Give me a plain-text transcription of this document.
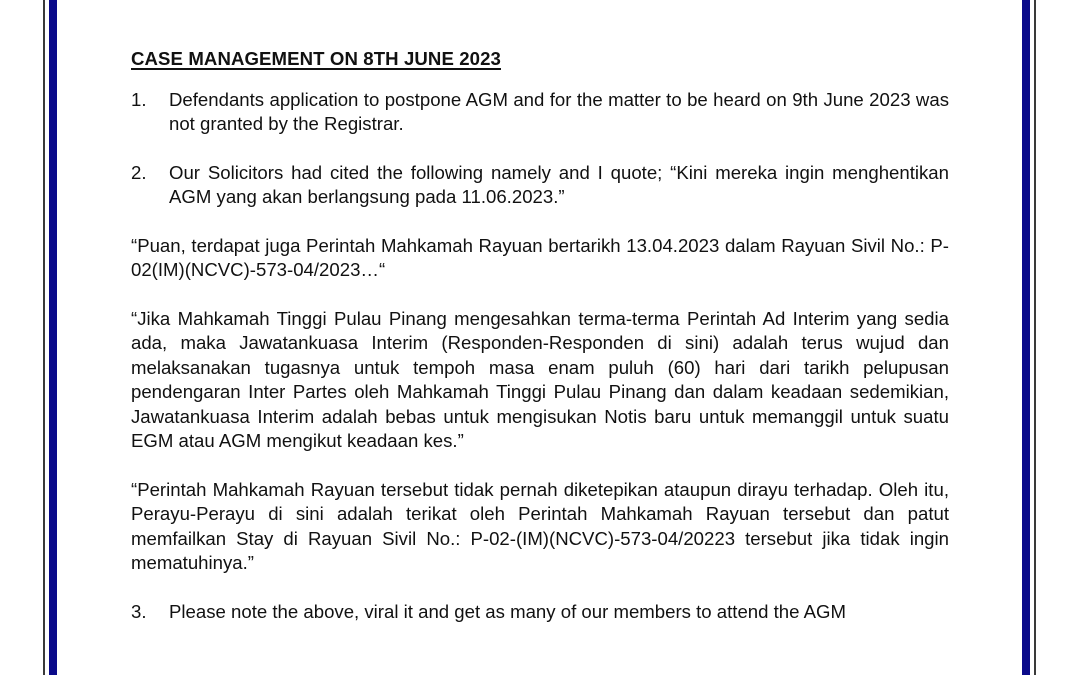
CASE MANAGEMENT ON 8TH JUNE 2023
1.	Defendants application to postpone AGM and for the matter to be heard on 9th June 2023 was not granted by the Registrar.
2.	Our Solicitors had cited the following namely and I quote; “Kini mereka ingin menghentikan AGM yang akan berlangsung pada 11.06.2023.”
“Puan, terdapat juga Perintah Mahkamah Rayuan bertarikh 13.04.2023 dalam Rayuan Sivil No.: P-02(IM)(NCVC)-573-04/2023…“
“Jika Mahkamah Tinggi Pulau Pinang mengesahkan terma-terma Perintah Ad Interim yang sedia ada, maka Jawatankuasa Interim (Responden-Responden di sini) adalah terus wujud dan melaksanakan tugasnya untuk tempoh masa enam puluh (60) hari dari tarikh pelupusan pendengaran Inter Partes oleh Mahkamah Tinggi Pulau Pinang dan dalam keadaan sedemikian, Jawatankuasa Interim adalah bebas untuk mengisukan Notis baru untuk memanggil untuk suatu EGM atau AGM mengikut keadaan kes.”
“Perintah Mahkamah Rayuan tersebut tidak pernah diketepikan ataupun dirayu terhadap. Oleh itu, Perayu-Perayu di sini adalah terikat oleh Perintah Mahkamah Rayuan tersebut dan patut memfailkan Stay di Rayuan Sivil No.: P-02-(IM)(NCVC)-573-04/20223 tersebut jika tidak ingin mematuhinya.”
3.	Please note the above, viral it and get as many of our members to attend the AGM
